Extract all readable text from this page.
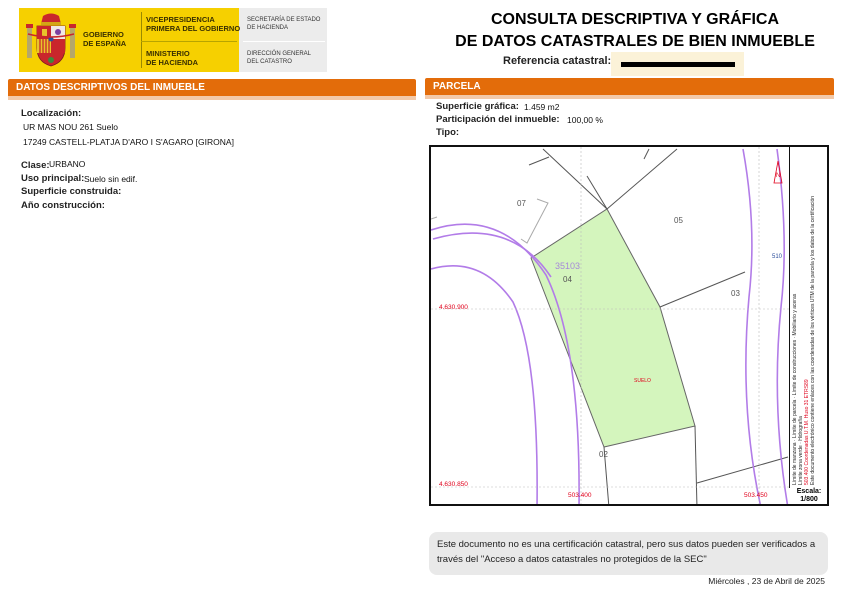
GOBIERNO
DE ESPAÑA
VICEPRESIDENCIA
PRIMERA DEL GOBIERNO
MINISTERIO
DE HACIENDA
SECRETARÍA DE ESTADO
DE HACIENDA
DIRECCIÓN GENERAL
DEL CATASTRO
CONSULTA DESCRIPTIVA Y GRÁFICA
DE DATOS CATASTRALES DE BIEN INMUEBLE
Referencia catastral:
DATOS DESCRIPTIVOS DEL INMUEBLE
Localización:
UR MAS NOU 261 Suelo
17249 CASTELL-PLATJA D'ARO I S'AGARO [GIRONA]
Clase: URBANO
Uso principal: Suelo sin edif.
Superficie construida:
Año construcción:
PARCELA
Superficie gráfica: 1.459 m2
Participación del inmueble: 100,00 %
Tipo:
N
07
05
04
03
02
35103
SUELO
510
4.630.900
4.630.850
503.400	503.450
Límite de manzana · Límite de parcela · Límite de construcciones · Mobiliario y aceras
Límite zona verde · Hidrografía 503.400 Coordenadas U.T.M. Huso 31 ETRS89 Este documento electrónico contiene enlaces con las coordenadas de los vértices UTM de la parcela y los datos de la certificación
Escala:
1/800
Este documento no es una certificación catastral, pero sus datos pueden ser verificados a través del "Acceso a datos catastrales no protegidos de la SEC"
Miércoles , 23 de Abril de 2025
